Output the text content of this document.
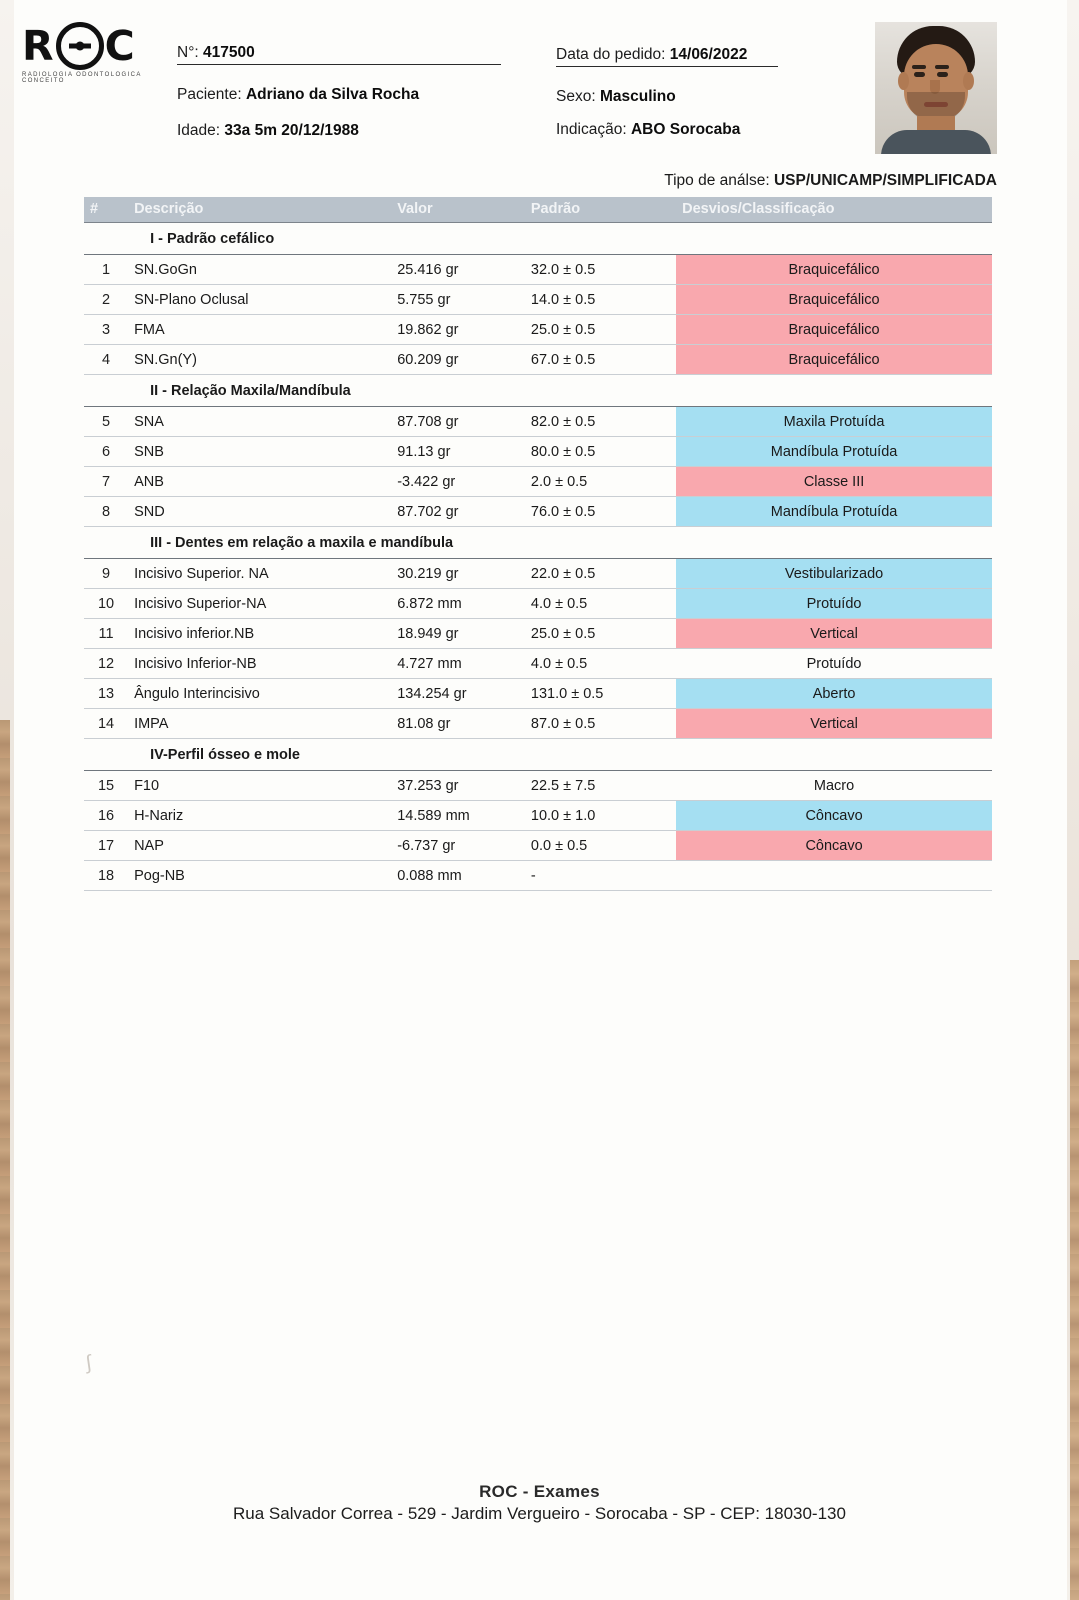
R C
RADIOLOGIA ODONTOLOGICA
CONCEITO
N°: 417500	Data do pedido: 14/06/2022
Paciente: Adriano da Silva Rocha	Sexo: Masculino
Idade: 33a 5m 20/12/1988	Indicação: ABO Sorocaba
Tipo de análse: USP/UNICAMP/SIMPLIFICADA
#	Descrição	Valor	Padrão	Desvios/Classificação
	I - Padrão cefálico			
1	SN.GoGn	25.416 gr	32.0 ± 0.5	Braquicefálico
2	SN-Plano Oclusal	5.755 gr	14.0 ± 0.5	Braquicefálico
3	FMA	19.862 gr	25.0 ± 0.5	Braquicefálico
4	SN.Gn(Y)	60.209 gr	67.0 ± 0.5	Braquicefálico
	II - Relação Maxila/Mandíbula			
5	SNA	87.708 gr	82.0 ± 0.5	Maxila Protuída
6	SNB	91.13 gr	80.0 ± 0.5	Mandíbula Protuída
7	ANB	-3.422 gr	2.0 ± 0.5	Classe III
8	SND	87.702 gr	76.0 ± 0.5	Mandíbula Protuída
	III - Dentes em relação a maxila e mandíbula			
9	Incisivo Superior. NA	30.219 gr	22.0 ± 0.5	Vestibularizado
10	Incisivo Superior-NA	6.872 mm	4.0 ± 0.5	Protuído
11	Incisivo inferior.NB	18.949 gr	25.0 ± 0.5	Vertical
12	Incisivo Inferior-NB	4.727 mm	4.0 ± 0.5	Protuído
13	Ângulo Interincisivo	134.254 gr	131.0 ± 0.5	Aberto
14	IMPA	81.08 gr	87.0 ± 0.5	Vertical
	IV-Perfil ósseo e mole			
15	F10	37.253 gr	22.5 ± 7.5	Macro
16	H-Nariz	14.589 mm	10.0 ± 1.0	Côncavo
17	NAP	-6.737 gr	0.0 ± 0.5	Côncavo
18	Pog-NB	0.088 mm	-	
∫
ROC - Exames
Rua Salvador Correa - 529 - Jardim Vergueiro - Sorocaba - SP - CEP: 18030-130
